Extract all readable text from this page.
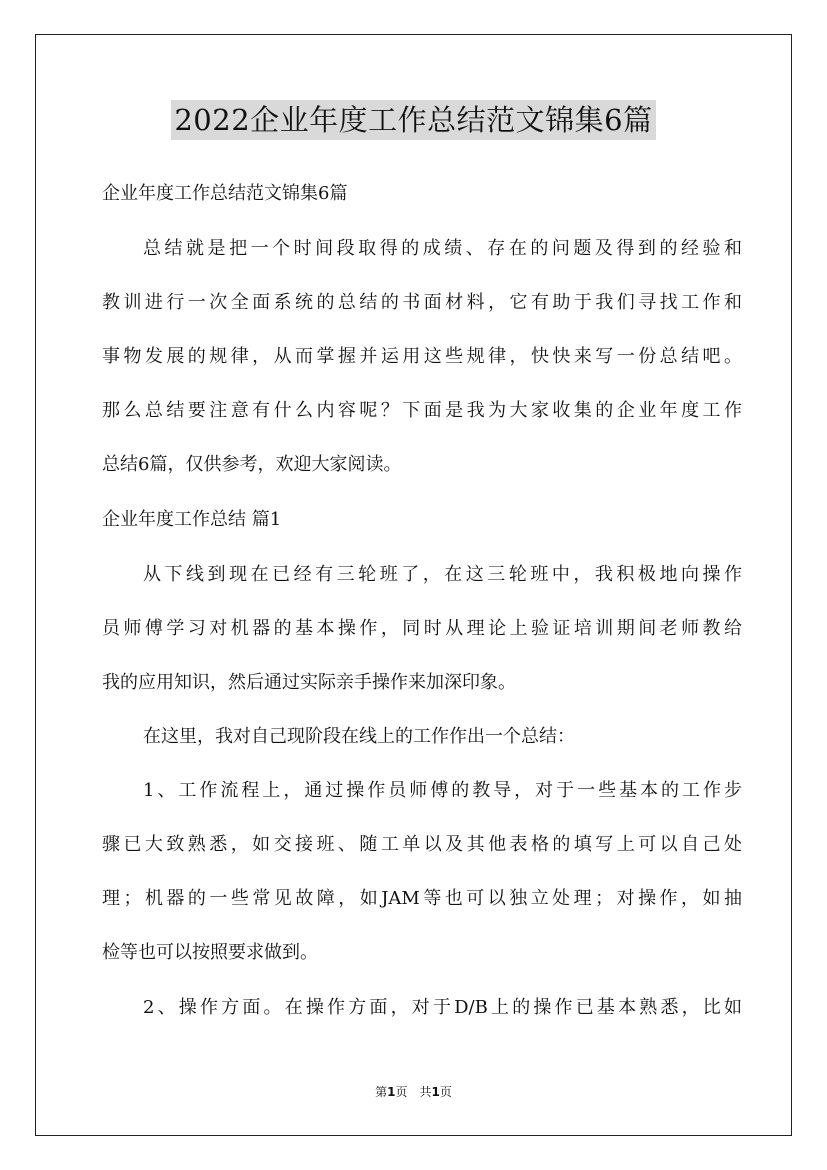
2022企业年度工作总结范文锦集6篇
企业年度工作总结范文锦集6篇
总结就是把一个时间段取得的成绩、存在的问题及得到的经验和
教训进行一次全面系统的总结的书面材料，它有助于我们寻找工作和
事物发展的规律，从而掌握并运用这些规律，快快来写一份总结吧。
那么总结要注意有什么内容呢？下面是我为大家收集的企业年度工作
总结6篇，仅供参考，欢迎大家阅读。
企业年度工作总结 篇1
从下线到现在已经有三轮班了，在这三轮班中，我积极地向操作
员师傅学习对机器的基本操作，同时从理论上验证培训期间老师教给
我的应用知识，然后通过实际亲手操作来加深印象。
在这里，我对自己现阶段在线上的工作作出一个总结：
1、工作流程上，通过操作员师傅的教导，对于一些基本的工作步
骤已大致熟悉，如交接班、随工单以及其他表格的填写上可以自己处
理；机器的一些常见故障，如JAM等也可以独立处理；对操作，如抽
检等也可以按照要求做到。
2、操作方面。在操作方面，对于D/B上的操作已基本熟悉，比如
第1页　共1页
